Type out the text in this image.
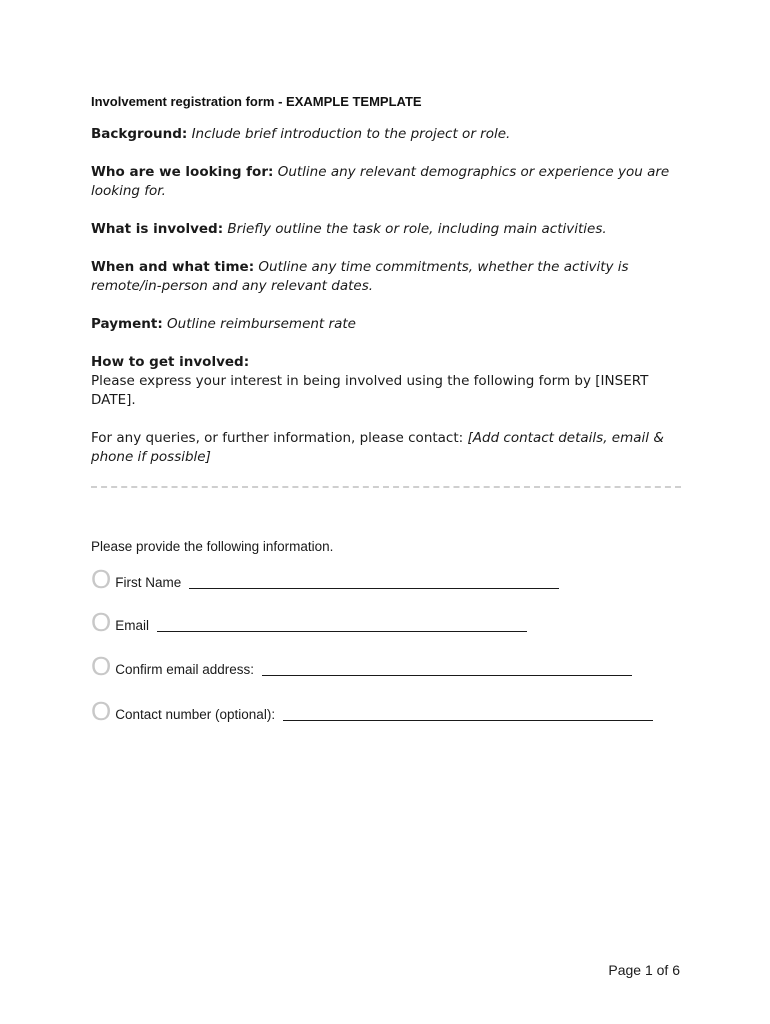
Involvement registration form - EXAMPLE TEMPLATE
Background: Include brief introduction to the project or role.
Who are we looking for: Outline any relevant demographics or experience you are looking for.
What is involved: Briefly outline the task or role, including main activities.
When and what time: Outline any time commitments, whether the activity is remote/in-person and any relevant dates.
Payment: Outline reimbursement rate
How to get involved:
Please express your interest in being involved using the following form by [INSERT DATE].
For any queries, or further information, please contact: [Add contact details, email & phone if possible]
Please provide the following information.
O First Name
O Email
O Confirm email address:
O Contact number (optional):
Page 1 of 6
